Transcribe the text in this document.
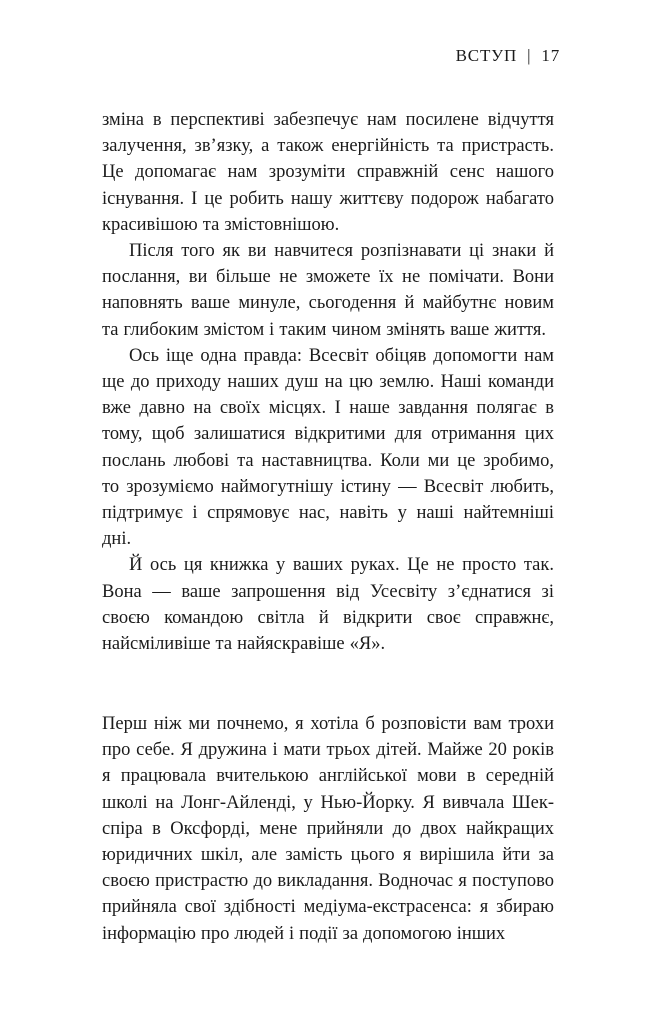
ВСТУП | 17

зміна в перспективі забезпечує нам посилене відчуття залучення, зв’язку, а також енергійність та пристрасть. Це допомагає нам зрозуміти справжній сенс нашого існування. І це робить нашу життєву подорож набагато красивішою та змістовнішою.

Після того як ви навчитеся розпізнавати ці знаки й послання, ви більше не зможете їх не помічати. Вони наповнять ваше минуле, сьогодення й майбутнє новим та глибоким змістом і таким чином змінять ваше життя.

Ось іще одна правда: Всесвіт обіцяв допомогти нам ще до приходу наших душ на цю землю. Наші команди вже давно на своїх місцях. І наше завдання полягає в тому, щоб залишатися відкритими для отримання цих послань любові та наставництва. Коли ми це зробимо, то зрозуміємо наймогутнішу істину — Всесвіт любить, підтримує і спрямовує нас, навіть у наші найтемніші дні.

Й ось ця книжка у ваших руках. Це не просто так. Вона — ваше запрошення від Усесвіту з’єднатися зі своєю командою світла й відкрити своє справжнє, найсміливіше та найяскравіше «Я».

Перш ніж ми почнемо, я хотіла б розповісти вам трохи про себе. Я дружина і мати трьох дітей. Майже 20 років я працювала вчителькою англійської мови в середній школі на Лонг-Айленді, у Нью-Йорку. Я вивчала Шекспіра в Оксфорді, мене прийняли до двох найкращих юридичних шкіл, але замість цього я вирішила йти за своєю пристрастю до викладання. Водночас я поступово прийняла свої здібності медіума-екстрасенса: я збираю інформацію про людей і події за допомогою інших
